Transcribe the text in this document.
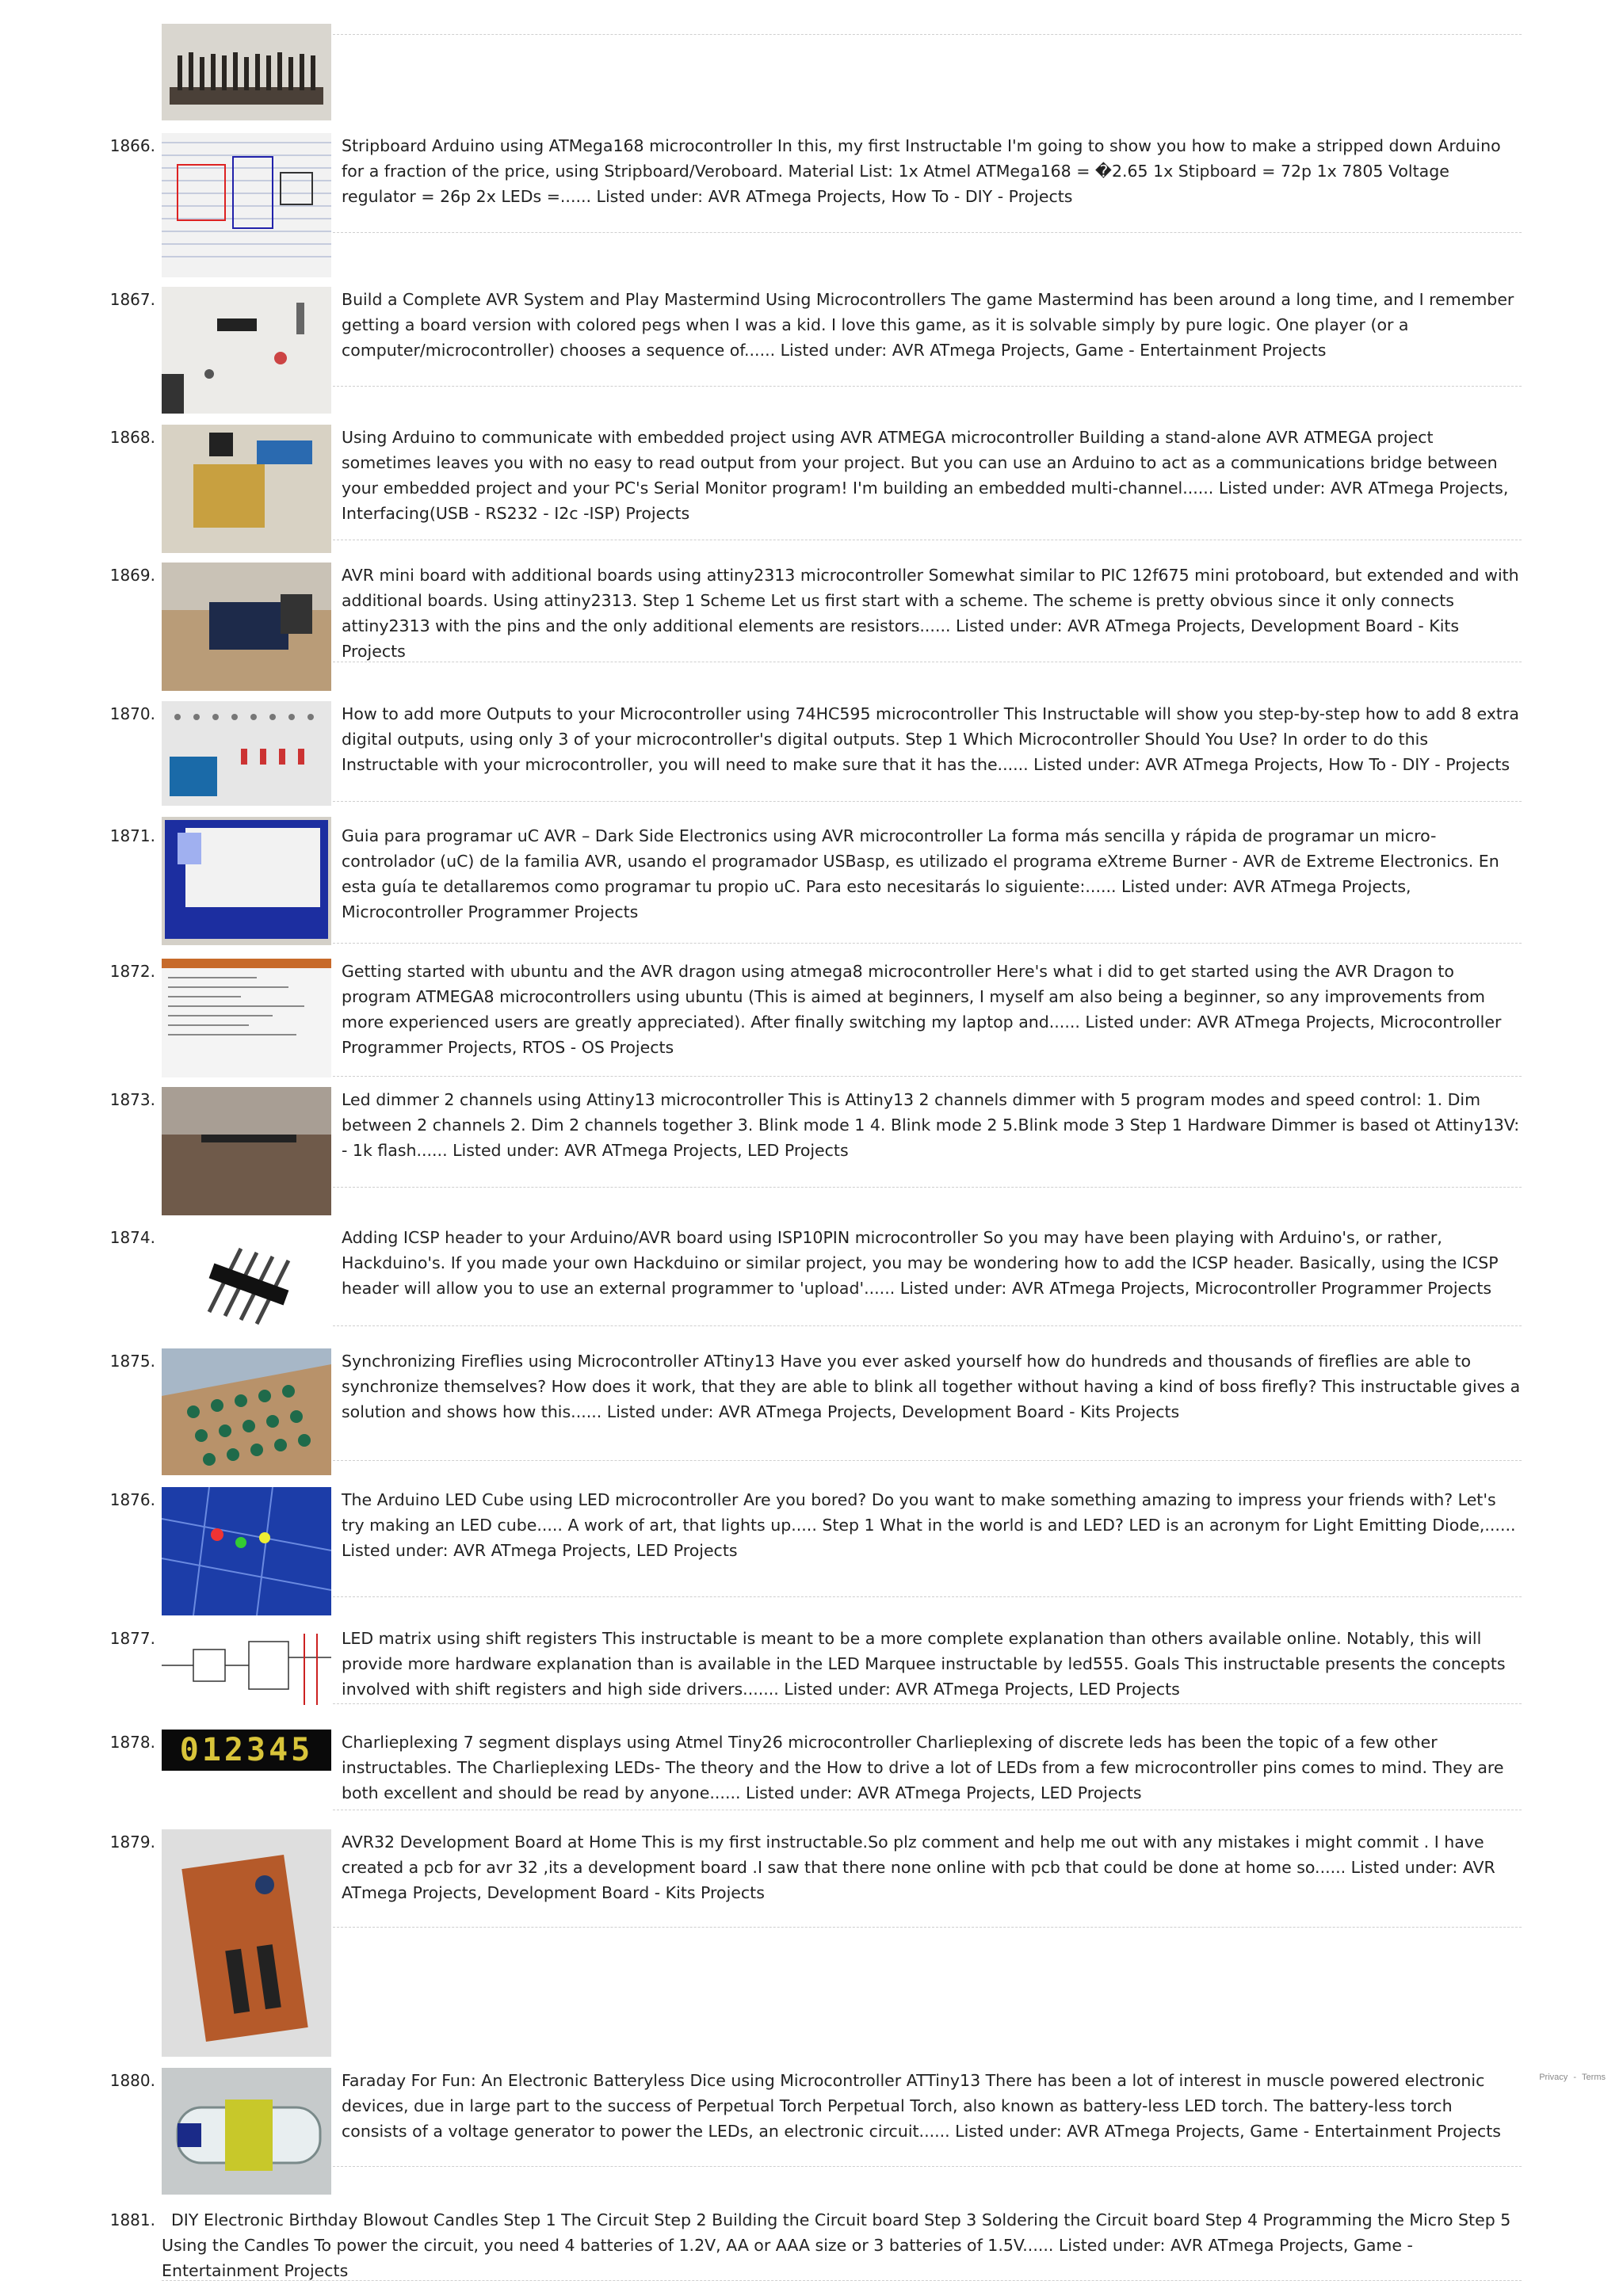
1866.	Stripboard Arduino using ATMega168 microcontroller In this, my first Instructable I'm going to show you how to make a stripped down Arduino for a fraction of the price, using Stripboard/Veroboard. Material List: 1x Atmel ATMega168 = �2.65 1x Stipboard = 72p 1x 7805 Voltage regulator = 26p 2x LEDs =...... Listed under: AVR ATmega Projects, How To - DIY - Projects
1867.	Build a Complete AVR System and Play Mastermind Using Microcontrollers The game Mastermind has been around a long time, and I remember getting a board version with colored pegs when I was a kid. I love this game, as it is solvable simply by pure logic. One player (or a computer/microcontroller) chooses a sequence of...... Listed under: AVR ATmega Projects, Game - Entertainment Projects
1868.	Using Arduino to communicate with embedded project using AVR ATMEGA microcontroller Building a stand-alone AVR ATMEGA project sometimes leaves you with no easy to read output from your project. But you can use an Arduino to act as a communications bridge between your embedded project and your PC's Serial Monitor program! I'm building an embedded multi-channel...... Listed under: AVR ATmega Projects, Interfacing(USB - RS232 - I2c -ISP) Projects
1869.	AVR mini board with additional boards using attiny2313 microcontroller Somewhat similar to PIC 12f675 mini protoboard, but extended and with additional boards. Using attiny2313. Step 1 Scheme Let us first start with a scheme. The scheme is pretty obvious since it only connects attiny2313 with the pins and the only additional elements are resistors...... Listed under: AVR ATmega Projects, Development Board - Kits Projects
1870.	How to add more Outputs to your Microcontroller using 74HC595 microcontroller This Instructable will show you step-by-step how to add 8 extra digital outputs, using only 3 of your microcontroller's digital outputs. Step 1 Which Microcontroller Should You Use? In order to do this Instructable with your microcontroller, you will need to make sure that it has the...... Listed under: AVR ATmega Projects, How To - DIY - Projects
1871.	Guia para programar uC AVR – Dark Side Electronics using AVR microcontroller La forma más sencilla y rápida de programar un micro-controlador (uC) de la familia AVR, usando el programador USBasp, es utilizado el programa eXtreme Burner - AVR de Extreme Electronics. En esta guía te detallaremos como programar tu propio uC. Para esto necesitarás lo siguiente:...... Listed under: AVR ATmega Projects, Microcontroller Programmer Projects
1872.	Getting started with ubuntu and the AVR dragon using atmega8 microcontroller Here's what i did to get started using the AVR Dragon to program ATMEGA8 microcontrollers using ubuntu (This is aimed at beginners, I myself am also being a beginner, so any improvements from more experienced users are greatly appreciated). After finally switching my laptop and...... Listed under: AVR ATmega Projects, Microcontroller Programmer Projects, RTOS - OS Projects
1873.	Led dimmer 2 channels using Attiny13 microcontroller This is Attiny13 2 channels dimmer with 5 program modes and speed control: 1. Dim between 2 channels 2. Dim 2 channels together 3. Blink mode 1 4. Blink mode 2 5.Blink mode 3 Step 1 Hardware Dimmer is based ot Attiny13V: - 1k flash...... Listed under: AVR ATmega Projects, LED Projects
1874.	Adding ICSP header to your Arduino/AVR board using ISP10PIN microcontroller So you may have been playing with Arduino's, or rather, Hackduino's. If you made your own Hackduino or similar project, you may be wondering how to add the ICSP header. Basically, using the ICSP header will allow you to use an external programmer to 'upload'...... Listed under: AVR ATmega Projects, Microcontroller Programmer Projects
1875.	Synchronizing Fireflies using Microcontroller ATtiny13 Have you ever asked yourself how do hundreds and thousands of fireflies are able to synchronize themselves? How does it work, that they are able to blink all together without having a kind of boss firefly? This instructable gives a solution and shows how this...... Listed under: AVR ATmega Projects, Development Board - Kits Projects
1876.	The Arduino LED Cube using LED microcontroller Are you bored? Do you want to make something amazing to impress your friends with? Let's try making an LED cube..... A work of art, that lights up..... Step 1 What in the world is and LED? LED is an acronym for Light Emitting Diode,...... Listed under: AVR ATmega Projects, LED Projects
1877.	LED matrix using shift registers This instructable is meant to be a more complete explanation than others available online. Notably, this will provide more hardware explanation than is available in the LED Marquee instructable by led555. Goals This instructable presents the concepts involved with shift registers and high side drivers....... Listed under: AVR ATmega Projects, LED Projects
1878. 012345	Charlieplexing 7 segment displays using Atmel Tiny26 microcontroller Charlieplexing of discrete leds has been the topic of a few other instructables. The Charlieplexing LEDs- The theory and the How to drive a lot of LEDs from a few microcontroller pins comes to mind. They are both excellent and should be read by anyone...... Listed under: AVR ATmega Projects, LED Projects
1879.	AVR32 Development Board at Home This is my first instructable.So plz comment and help me out with any mistakes i might commit . I have created a pcb for avr 32 ,its a development board .I saw that there none online with pcb that could be done at home so...... Listed under: AVR ATmega Projects, Development Board - Kits Projects
1880.	Faraday For Fun: An Electronic Batteryless Dice using Microcontroller ATTiny13 There has been a lot of interest in muscle powered electronic devices, due in large part to the success of Perpetual Torch Perpetual Torch, also known as battery-less LED torch. The battery-less torch consists of a voltage generator to power the LEDs, an electronic circuit...... Listed under: AVR ATmega Projects, Game - Entertainment Projects
1881. DIY Electronic Birthday Blowout Candles Step 1 The Circuit Step 2 Building the Circuit board Step 3 Soldering the Circuit board Step 4 Programming the Micro Step 5 Using the Candles To power the circuit, you need 4 batteries of 1.2V, AA or AAA size or 3 batteries of 1.5V...... Listed under: AVR ATmega Projects, Game - Entertainment Projects
Privacy - Terms
